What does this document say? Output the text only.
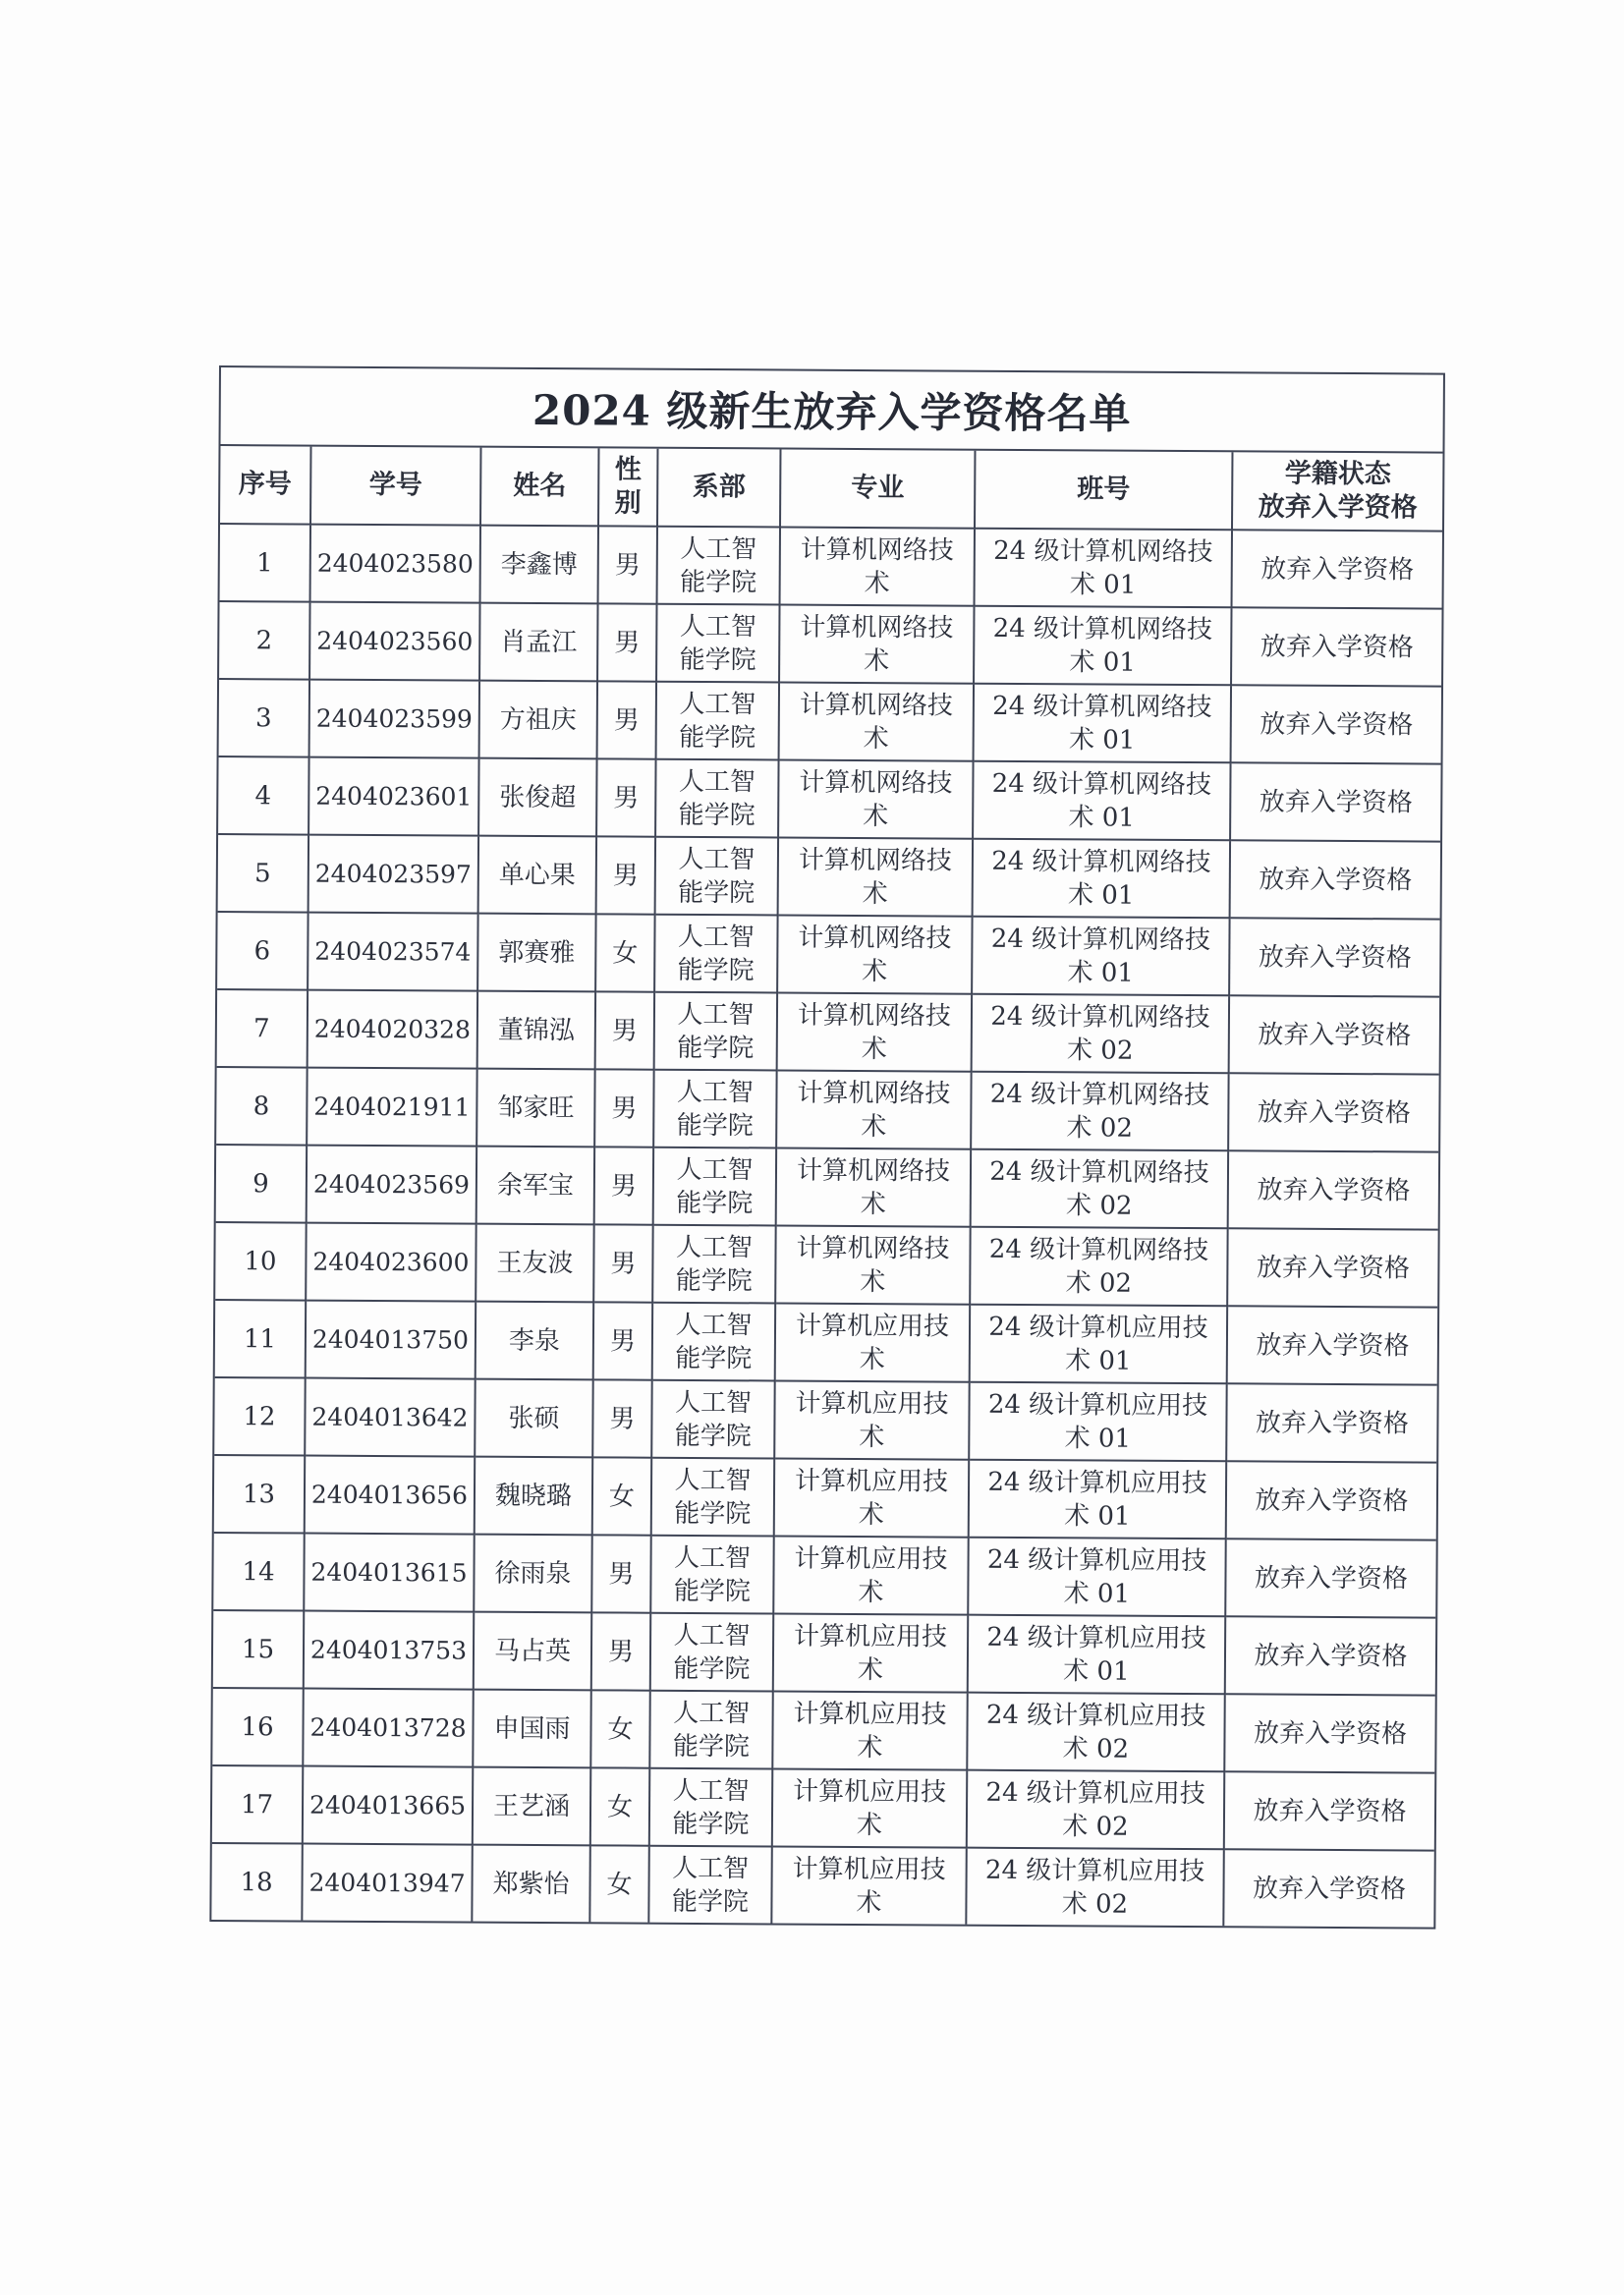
2024 级新生放弃入学资格名单
序号	学号	姓名	性
别	系部	专业	班号	学籍状态
放弃入学资格

1	2404023580	李鑫博	男	人工智
能学院	计算机网络技
术	24 级计算机网络技
术 01	放弃入学资格
2	2404023560	肖孟江	男	人工智
能学院	计算机网络技
术	24 级计算机网络技
术 01	放弃入学资格
3	2404023599	方祖庆	男	人工智
能学院	计算机网络技
术	24 级计算机网络技
术 01	放弃入学资格
4	2404023601	张俊超	男	人工智
能学院	计算机网络技
术	24 级计算机网络技
术 01	放弃入学资格
5	2404023597	单心果	男	人工智
能学院	计算机网络技
术	24 级计算机网络技
术 01	放弃入学资格
6	2404023574	郭赛雅	女	人工智
能学院	计算机网络技
术	24 级计算机网络技
术 01	放弃入学资格
7	2404020328	董锦泓	男	人工智
能学院	计算机网络技
术	24 级计算机网络技
术 02	放弃入学资格
8	2404021911	邹家旺	男	人工智
能学院	计算机网络技
术	24 级计算机网络技
术 02	放弃入学资格
9	2404023569	余军宝	男	人工智
能学院	计算机网络技
术	24 级计算机网络技
术 02	放弃入学资格
10	2404023600	王友波	男	人工智
能学院	计算机网络技
术	24 级计算机网络技
术 02	放弃入学资格
11	2404013750	李泉	男	人工智
能学院	计算机应用技
术	24 级计算机应用技
术 01	放弃入学资格
12	2404013642	张硕	男	人工智
能学院	计算机应用技
术	24 级计算机应用技
术 01	放弃入学资格
13	2404013656	魏晓璐	女	人工智
能学院	计算机应用技
术	24 级计算机应用技
术 01	放弃入学资格
14	2404013615	徐雨泉	男	人工智
能学院	计算机应用技
术	24 级计算机应用技
术 01	放弃入学资格
15	2404013753	马占英	男	人工智
能学院	计算机应用技
术	24 级计算机应用技
术 01	放弃入学资格
16	2404013728	申国雨	女	人工智
能学院	计算机应用技
术	24 级计算机应用技
术 02	放弃入学资格
17	2404013665	王艺涵	女	人工智
能学院	计算机应用技
术	24 级计算机应用技
术 02	放弃入学资格
18	2404013947	郑紫怡	女	人工智
能学院	计算机应用技
术	24 级计算机应用技
术 02	放弃入学资格
